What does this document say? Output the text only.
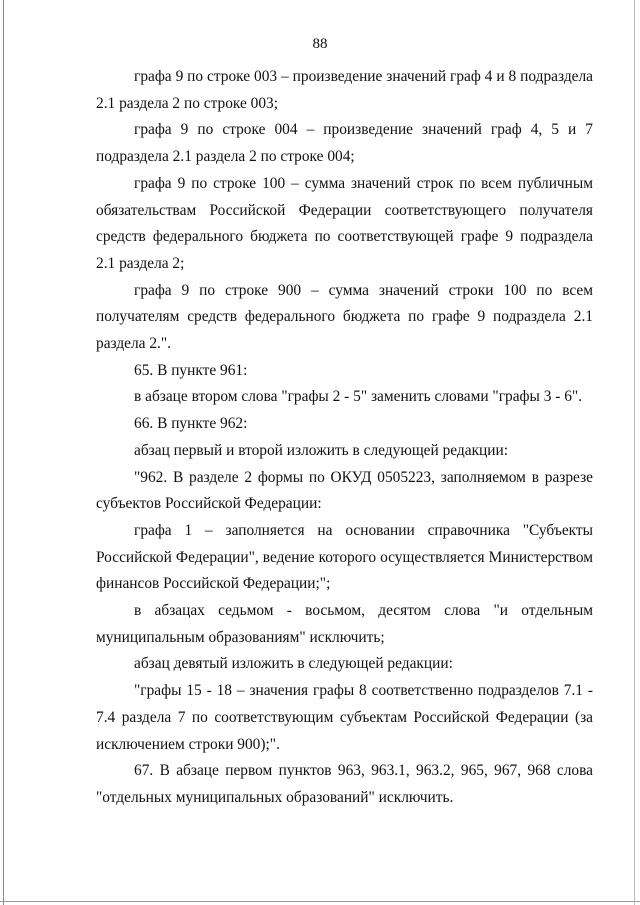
88

графа 9 по строке 003 – произведение значений граф 4 и 8 подраздела 2.1 раздела 2 по строке 003;

графа 9 по строке 004 – произведение значений граф 4, 5 и 7 подраздела 2.1 раздела 2 по строке 004;

графа 9 по строке 100 – сумма значений строк по всем публичным обязательствам Российской Федерации соответствующего получателя средств федерального бюджета по соответствующей графе 9 подраздела 2.1 раздела 2;

графа 9 по строке 900 – сумма значений строки 100 по всем получателям средств федерального бюджета по графе 9 подраздела 2.1 раздела 2.".

65. В пункте 961:

в абзаце втором слова "графы 2 - 5" заменить словами "графы 3 - 6".

66. В пункте 962:

абзац первый и второй изложить в следующей редакции:

"962. В разделе 2 формы по ОКУД 0505223, заполняемом в разрезе субъектов Российской Федерации:

графа 1 – заполняется на основании справочника "Субъекты Российской Федерации", ведение которого осуществляется Министерством финансов Российской Федерации;";

в абзацах седьмом - восьмом, десятом слова "и отдельным муниципальным образованиям" исключить;

абзац девятый изложить в следующей редакции:

"графы 15 - 18 – значения графы 8 соответственно подразделов 7.1 - 7.4 раздела 7 по соответствующим субъектам Российской Федерации (за исключением строки 900);".

67. В абзаце первом пунктов 963, 963.1, 963.2, 965, 967, 968 слова "отдельных муниципальных образований" исключить.
